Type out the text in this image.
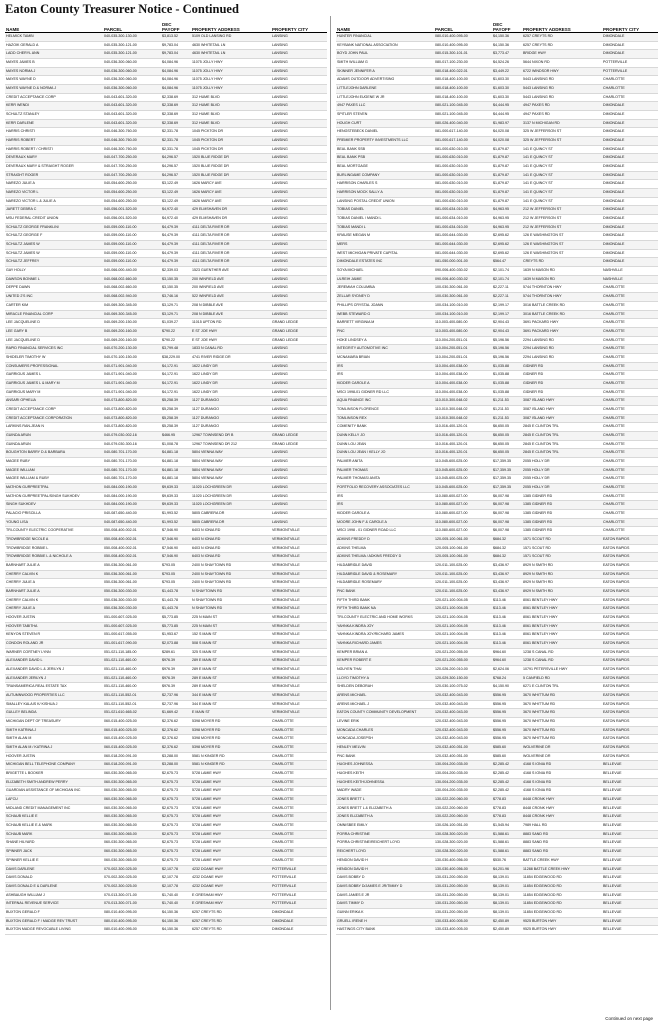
Eaton County Treasurer Notice - Continued
NAME	PARCEL	DEC PAYOFF	PROPERTY ADDRESS	PROPERTY CITY
HELMICK TAMBI	040-035-300-130-00	$3,813.52	5109 OLD LANSING RD	LANSING
HAZOIK GERALD A	040-035-300-121-00	$9,783.04	4630 WHITETAIL LN	LANSING
LADD CHERYL ANN	040-035-300-121-00	$9,783.04	4630 WHITETAIL LN	LANSING
MAYES JAMES B	040-036-300-060-00	$4,084.96	11075 JOLLY HWY	LANSING
MAYES NORMA J	040-036-300-060-00	$4,084.96	11075 JOLLY HWY	LANSING
MAYES WAYNE D	040-036-300-060-00	$4,084.96	11075 JOLLY HWY	LANSING
MAYES WAYNE D & NORMA J	040-036-300-060-00	$4,084.96	11075 JOLLY HWY	LANSING
CREDIT ACCEPTANCE CORP	040-043-601-320-00	$2,338.69	312 HUME BLVD	LANSING
KERR WENDI	040-043-601-320-00	$2,338.69	312 HUME BLVD	LANSING
SCHULTZ STANLEY	040-043-601-320-00	$2,338.69	312 HUME BLVD	LANSING
KERR DARLENE	040-043-601-320-00	$2,338.69	312 HUME BLVD	LANSING
HARRIS CHRISTI	040-046-300-760-00	$2,331.78	1045 PICKTON DR	LANSING
HARRIS ROBERT	040-046-300-760-00	$2,331.78	1045 PICKTON DR	LANSING
HARRIS ROBERT / CHRISTI	040-046-300-760-00	$2,331.78	1045 PICKTON DR	LANSING
DEVERAUX MARY	040-047-700-250-00	$4,296.57	1520 BLUE RIDGE DR	LANSING
DEVERAUX MARY & STRAIGHT ROGER	040-047-700-250-00	$4,296.57	1520 BLUE RIDGE DR	LANSING
STRAIGHT ROGER	040-047-700-250-00	$4,296.57	1520 BLUE RIDGE DR	LANSING
NAREZO JULIE A	040-054-600-250-00	$3,122.49	1626 MARCY AVE	LANSING
NAREZO VICTOR L	040-054-600-250-00	$3,122.49	1626 MARCY AVE	LANSING
NAREZO VICTOR L & JULIE A	040-054-600-250-00	$3,122.49	1626 MARCY AVE	LANSING
JARETT DEBRA C	040-056-001-520-00	$4,972.40	429 ELMSHAVEN DR	LANSING
MSU FEDERAL CREDIT UNION	040-056-001-520-00	$4,972.40	429 ELMSHAVEN DR	LANSING
SCHULTZ GEORGE FRANKLIN/	040-059-000-110-00	$4,479.39	4111 DELTA RIVER DR	LANSING
SCHULTZ GEORGE F	040-059-000-110-00	$4,479.39	4111 DELTA RIVER DR	LANSING
SCHULTZ JAMES W	040-059-000-110-00	$4,479.39	4111 DELTA RIVER DR	LANSING
SCHULTZ JAMES W	040-059-000-110-00	$4,479.39	4111 DELTA RIVER DR	LANSING
SCHULTZ JEFFREY	040-059-000-110-00	$4,479.39	4111 DELTA RIVER DR	LANSING
GAY HOLLY	040-066-000-440-00	$2,339.03	1523 GUENTHER AVE	LANSING
DAWSON BONNIE L	040-068-002-660-00	$3,150.35	200 WINFIELD AVE	LANSING
DEPPE DAWN	040-068-002-660-00	$3,150.35	200 WINFIELD AVE	LANSING
UNITED 2'S INC	040-068-002-940-00	$3,746.16	522 WINFIELD AVE	LANSING
CARTER KIM	040-069-300-345-00	$3,129.71	208 N DIBBLE AVE	LANSING
MIRACLE FINANCIAL CORP	040-069-300-345-00	$3,129.71	208 N DIBBLE AVE	LANSING
LEE JACQUELINE D	040-069-200-150-00	$1,039.27	11015 UPTON RD	GRAND LEDGE
LEE GARY B	040-069-200-160-00	$790.22	E ST JOE HWY	GRAND LEDGE
LEE JACQUELINE D	040-069-200-160-00	$790.22	E ST JOE HWY	GRAND LEDGE
RAPID FINANCIAL SERVICES INC	040-070-200-130-00	$3,799.48	1833 N CANAL RD	LANSING
SHIDELER TIMOTHY W	040-070-100-150-00	$38,229.00	4741 RIVER RIDGE DR	LANSING
CONSUMERS PROFESSIONAL	040-071-901-040-00	$4,172.91	1622 LINDY DR	LANSING
GARRIGUS JAMES L	040-071-901-040-00	$4,172.91	1622 LINDY DR	LANSING
GARRIGUS JAMES L & MARY M	040-071-901-040-00	$4,172.91	1622 LINDY DR	LANSING
GARRIGUS MARY M	040-071-901-040-00	$4,172.91	1622 LINDY DR	LANSING
ANSARI OPHELIA	040-073-800-820-00	$5,258.39	1127 DURANGO	LANSING
CREDIT ACCEPTANCE CORP	040-073-800-820-00	$5,258.39	1127 DURANGO	LANSING
CREDIT ACCEPTANCE CORPORATION	040-073-800-820-00	$5,258.39	1127 DURANGO	LANSING
LARKINS RAN-JEAN N	040-073-800-820-00	$5,258.39	1127 DURANGO	LANSING
GUINDA ARUN	040-079-030-002-16	$466.95	12967 TOWNSEND DR B	GRAND LEDGE
GUINDA ARUN	040-079-030-300-16	$1,008.78	12967 TOWNSEND DR 212	GRAND LEDGE
BOUGHTON BARRY D & BARBARA	040-080-701-170-00	$4,881.18	5804 VIENNA WAY	LANSING
MAGEE RUBY	040-080-701-170-00	$4,881.18	5804 VIENNA WAY	LANSING
MAGEE WILLIAM	040-080-701-170-00	$4,881.18	5804 VIENNA WAY	LANSING
MAGEE WILLIAM & RUBY	040-080-701-170-00	$4,881.18	5804 VIENNA WAY	LANSING
MATHON GURPREETPAL	040-084-000-190-00	$9,639.33	11020 LOCHGREEN DR	LANSING
MATHON GURPREETPAL/SINGH SUKHDEV	040-084-000-190-00	$9,639.33	11020 LOCHGREEN DR	LANSING
SINGH SUKHDEV	040-084-000-190-00	$9,639.33	11020 LOCHGREEN DR	LANSING
PALACIO PRISCILLA	040-087-650-440-00	$1,993.52	5805 CABRERA DR	LANSING
YOUNG LISA	040-087-650-440-00	$1,993.52	5805 CABRERA DR	LANSING
TRI-COUNTY ELECTRIC COOPERATIVE	050-008-400-002-01	$7,546.90	6403 N IONIA RD	VERMONTVILLE
TROWBRIDGE NICOLE A	050-008-400-002-01	$7,546.90	6403 N IONIA RD	VERMONTVILLE
TROWBRIDGE ROBBIE L	050-008-400-002-01	$7,546.90	6403 N IONIA RD	VERMONTVILLE
TROWBRIDGE ROBBIE L & NICHOLE A	050-008-400-002-01	$7,546.90	6403 N IONIA RD	VERMONTVILLE
BARNHART JULIE A	050-036-300-061-00	$793.05	2400 N SHAYTOWN RD	VERMONTVILLE
CHERRY CALVIN K	050-036-300-061-00	$793.05	2400 N SHAYTOWN RD	VERMONTVILLE
CHERRY JULIE A	050-036-300-061-00	$793.05	2400 N SHAYTOWN RD	VERMONTVILLE
BARNHART JULIE A	050-036-300-030-00	$1,443.78	N SHAYTOWN RD	VERMONTVILLE
CHERRY CALVIN K	050-036-300-030-00	$1,443.78	N SHAYTOWN RD	VERMONTVILLE
CHERRY JULIE A	050-036-300-030-00	$1,443.78	N SHAYTOWN RD	VERMONTVILLE
HOOVER JUSTIN	051-000-607-025-00	$5,773.85	225 N MAIN ST	VERMONTVILLE
HOOVER TABITHA	051-000-607-025-00	$5,773.85	225 N MAIN ST	VERMONTVILLE
KENYON STEVEN R	051-000-617-055-00	$1,953.67	152 S MAIN ST	VERMONTVILLE
CONDON ROLAND JR	051-001-617-090-00	$2,073.88	508 S MAIN ST	VERMONTVILLE
WARNER CORTNEY LYNN	051-021-110-185-00	$289.61	325 S MAIN ST	VERMONTVILLE
ALEXANDER DAVID L	051-021-110-460-00	$976.39	289 E MAIN ST	VERMONTVILLE
ALEXANDER DAVID L & JERILYN J	051-021-110-460-00	$976.39	289 E MAIN ST	VERMONTVILLE
ALEXANDER JERILYN J	051-021-110-460-00	$976.39	289 E MAIN ST	VERMONTVILLE
TRANSAMERICA REAL ESTATE TAX	051-021-110-460-00	$976.39	289 E MAIN ST	VERMONTVILLE
AUTUMNWOOD PROPERTIES LLC	051-021-110-552-01	$2,737.96	344 E MAIN ST	VERMONTVILLE
SMALLEY KALAIS K/ KISHUA J	051-021-110-552-01	$2,737.96	344 E MAIN ST	VERMONTVILLE
GULLEY BELINDA	051-021-610-665-02	$1,669.42	E MAIN ST	VERMONTVILLE
MICHIGAN DEPT OF TREASURY	060-015-400-025-00	$2,376.62	5398 MOYER RD	CHARLOTTE
SMITH KATRINA J	060-015-400-025-00	$2,376.62	5398 MOYER RD	CHARLOTTE
SMITH ALAN M	060-015-400-025-00	$2,376.62	5398 MOYER RD	CHARLOTTE
SMITH ALAN M / KATRINA J	060-015-400-025-00	$2,376.62	5398 MOYER RD	CHARLOTTE
HOOVER JUSTIN	060-018-200-091-00	$3,288.00	5581 N KINGER RD	CHARLOTTE
MICHIGAN BELL TELEPHONE COMPANY	060-018-200-091-00	$3,288.00	5581 N KINGER RD	CHARLOTTE
BRIGETTE L BOOKER	060-030-300-065-00	$2,675.73	5728 LAMIE HWY	CHARLOTTE
ELIZABETH SMITH ANDREW PERRY	060-030-300-065-00	$2,675.73	5728 LAMIE HWY	CHARLOTTE
GUARDIAN ASSISTANCE OF MICHIGAN INC	060-030-300-065-00	$2,675.73	5728 LAMIE HWY	CHARLOTTE
LAFCU	060-030-300-065-00	$2,675.73	5728 LAMIE HWY	CHARLOTTE
MIDLAND CREDIT MANAGEMENT INC	060-030-300-065-00	$2,675.73	5728 LAMIE HWY	CHARLOTTE
SCHAUB KELLIE E	060-030-300-065-00	$2,675.73	5728 LAMIE HWY	CHARLOTTE
SCHAUB KELLIE E & MARK	060-030-300-065-00	$2,675.73	5728 LAMIE HWY	CHARLOTTE
SCHAUB MARK	060-030-300-065-00	$2,675.73	5728 LAMIE HWY	CHARLOTTE
SHANE HILYARD	060-030-300-065-00	$2,675.73	5728 LAMIE HWY	CHARLOTTE
SPINNER JACK	060-030-300-065-00	$2,675.73	5728 LAMIE HWY	CHARLOTTE
SPINNER KELLIE E	060-030-300-065-00	$2,675.73	5728 LAMIE HWY	CHARLOTTE
DAVIS DARLENE	070-002-300-025-00	$2,107.78	4232 DOANE HWY	POTTERVILLE
DAVIS DONALD	070-002-300-025-00	$2,107.78	4232 DOANE HWY	POTTERVILLE
DAVIS DONALD E & DARLENE	070-002-300-025-00	$2,107.78	4232 DOANE HWY	POTTERVILLE
ASHBAUGH WILLIAM J	070-013-300-071-00	$1,740.40	E GRESHAM HWY	POTTERVILLE
INTERNAL REVENUE SERVICE	070-013-300-071-00	$1,740.40	E GRESHAM HWY	POTTERVILLE
BUXTON GERALD F	080-010-400-095-00	$4,150.36	6257 CREYTS RD	DIMONDALE
BUXTON GERALD F / MADGE REV TRUST	080-010-400-095-00	$4,150.36	6257 CREYTS RD	DIMONDALE
BUXTON MADGE REVOCABLE LIVING	080-010-400-095-00	$4,150.36	6257 CREYTS RD	DIMONDALE
NAME	PARCEL	DEC PAYOFF	PROPERTY ADDRESS	PROPERTY CITY
HUNTER FINANCIAL	080-010-400-095-00	$4,150.36	6257 CREYTS RD	DIMONDALE
KEYBANK NATIONAL ASSOCIATION	080-010-400-095-00	$4,150.36	6257 CREYTS RD	DIMONDALE
BOYD JOHN PAUL	080-015-300-101-01	$3,773.47	BRIDGE HWY	DIMONDALE
SMITH WILLIAM G	080-017-100-230-00	$4,524.26	5644 NIXON RD	POTTERVILLE
SKINNER JENNIFER A	080-018-400-022-01	$3,449.22	6722 WINDSOR HWY	POTTERVILLE
ADAMS OUTDOOR ADVERTISING	080-018-400-100-00	$1,603.30	5443 LANSING RD	CHARLOTTE
LITTLEJOHN DARLENE	080-018-400-100-00	$1,603.30	5443 LANSING RD	CHARLOTTE
LITTLEJOHN EUGENE W JR	080-018-400-100-00	$1,603.30	5443 LANSING RD	CHARLOTTE
4947 PAXES LLC	080-021-100-045-00	$4,444.95	4947 PAXES RD	DIMONDALE
SPITLER STEVEN	080-021-100-045-00	$4,444.95	4947 PAXES RD	DIMONDALE
HOUGH CURT	080-026-400-040-00	$1,983.97	3137 N MICHIGAN RD	DIMONDALE
HENGSTEBECK DANIEL	081-000-617-140-00	$4,020.08	325 W JEFFERSON ST	DIMONDALE
PREMIER PROPERTY INVESTMENTS LLC	081-000-617-140-00	$4,020.08	325 W JEFFERSON ST	DIMONDALE
BEAL BANK SSB	081-000-630-010-00	$1,879.87	141 E QUINCY ST	DIMONDALE
BEAL BANK PSB	081-000-630-010-00	$1,879.87	141 E QUINCY ST	DIMONDALE
BEAL MORTGAGE	081-000-630-010-00	$1,879.87	141 E QUINCY ST	DIMONDALE
BURLINGAME COMPANY	081-000-630-010-00	$1,879.87	141 E QUINCY ST	DIMONDALE
HARRISON CHARLES S	081-000-630-010-00	$1,879.87	141 E QUINCY ST	DIMONDALE
HARRISON MOCK SALLY A	081-000-630-010-00	$1,879.87	141 E QUINCY ST	DIMONDALE
LANSING POSTAL CREDIT UNION	081-000-630-010-00	$1,879.87	141 E QUINCY ST	DIMONDALE
TOBIAS DANIEL	081-000-634-010-00	$4,963.95	212 W JEFFERSON ST	DIMONDALE
TOBIAS DANIEL / MANDI L	081-000-634-010-00	$4,963.95	212 W JEFFERSON ST	DIMONDALE
TOBIAS MANDI L	081-000-634-010-00	$4,963.95	212 W JEFFERSON ST	DIMONDALE
KRAUSE MEGAN M	081-000-644-030-00	$2,695.62	126 E WASHINGTON ST	DIMONDALE
MERS	081-000-644-030-00	$2,695.62	126 E WASHINGTON ST	DIMONDALE
WEST MICHIGAN PRIVATE CAPITAL	081-000-644-030-00	$2,695.62	126 E WASHINGTON ST	DIMONDALE
DIMONDALE ESTATES INC	081-050-000-001-00	$564.47	CREYTS RD	DIMONDALE
SOYA MICHAEL	090-006-400-030-02	$2,101.74	1639 N MASON RD	NASHVILLE
ULREIH JAMIE	090-006-400-030-02	$2,101.74	1639 N MASON RD	NASHVILLE
JEREMIAH COLUMBIA	100-030-300-061-00	$2,227.11	5744 THORNTON HWY	CHARLOTTE
ZELLAR SYDNEY D	100-030-300-061-00	$2,227.11	5744 THORNTON HWY	CHARLOTTE
PHILLIPS CRYSTAL JOANN	100-034-100-010-00	$2,199.17	3016 BATTLE CREEK RD	CHARLOTTE
WEBB STEWARD G	100-034-100-010-00	$2,199.17	3016 BATTLE CREEK RD	CHARLOTTE
BARRETT VIRGINIA M	110-003-400-080-00	$2,904.43	3691 PACKARD HWY	CHARLOTTE
PNC	110-003-400-080-00	$2,904.43	3691 PACKARD HWY	CHARLOTTE
HOKE LINDSEY A	110-004-200-051-01	$5,196.56	2294 LANSING RD	CHARLOTTE
INTEGRITY AUTOMOTIVE INC	110-004-200-051-01	$5,196.56	2294 LANSING RD	CHARLOTTE
MCNAMARA BRIAN	110-004-200-051-01	$5,196.56	2294 LANSING RD	CHARLOTTE
IRS	110-004-400-038-00	$1,035.88	GIDNER RD	CHARLOTTE
IRS	110-004-400-038-00	$1,035.88	GIDNER RD	CHARLOTTE
KIDDER CAROLE A	110-004-400-038-00	$1,035.88	GIDNER RD	CHARLOTTE
MSCI 1998-01 GIDNER RD LLC	110-004-400-038-00	$1,035.88	GIDNER RD	CHARLOTTE
AQUA FINANCE INC	110-010-300-048-02	$1,211.53	3087 ISLAND HWY	CHARLOTTE
TOMLINSON FLORENCE	110-010-300-048-02	$1,211.53	3087 ISLAND HWY	CHARLOTTE
TOMLINSON REX	110-010-300-048-02	$1,211.53	3087 ISLAND HWY	CHARLOTTE
COMENITY BANK	110-016-400-120-01	$6,650.05	2845 E CLINTON TRL	CHARLOTTE
DUNN KELLY JO	110-016-400-120-01	$6,650.05	2845 E CLINTON TRL	CHARLOTTE
DUNN LOU JEAN	110-016-400-120-01	$6,650.05	2845 E CLINTON TRL	CHARLOTTE
DUNN LOU JEAN / KELLY JO	110-016-400-120-01	$6,650.05	2845 E CLINTON TRL	CHARLOTTE
PALMER ANITA	110-045-600-025-00	$17,359.35	2055 HOLLY DR	CHARLOTTE
PALMER THOMAS	110-045-600-025-00	$17,359.35	2055 HOLLY DR	CHARLOTTE
PALMER THOMAS/ ANITA	110-045-600-025-00	$17,359.35	2055 HOLLY DR	CHARLOTTE
PORTFOLIO RECOVERY ASSOCIATES LLC	110-045-600-025-00	$17,359.35	2055 HOLLY DR	CHARLOTTE
IRS	110-080-600-027-00	$6,007.98	1385 GIDNER RD	CHARLOTTE
IRS	110-080-600-027-00	$6,007.98	1385 GIDNER RD	CHARLOTTE
KIDDER CAROLE A	110-080-600-027-00	$6,007.98	1385 GIDNER RD	CHARLOTTE
MOORE JOHN F & CAROLE A	110-080-600-027-00	$6,007.98	1385 GIDNER RD	CHARLOTTE
MSCI 1998 - 01 GIDNER ROAD LLC	110-080-600-027-00	$6,007.98	1385 GIDNER RD	CHARLOTTE
ADKINS FREDDY D	120-005-100-061-00	$684.32	1571 SCOUT RD	EATON RAPIDS
ADKINS THELMA	120-005-100-061-00	$684.32	1571 SCOUT RD	EATON RAPIDS
ADKINS THELMA / ADKINS FREDDY D	120-005-100-061-00	$684.32	1571 SCOUT RD	EATON RAPIDS
HILDABRIDLE DAVID	120-011-100-025-00	$3,436.97	8929 N SMITH RD	EATON RAPIDS
HILDABRIDLE DAVID & ROSEMARY	120-011-100-025-00	$3,436.97	8929 N SMITH RD	EATON RAPIDS
HILDABRIDLE ROSEMARY	120-011-100-025-00	$3,436.97	8929 N SMITH RD	EATON RAPIDS
PNC BANK	120-011-100-025-00	$3,436.97	8929 N SMITH RD	EATON RAPIDS
FIFTH THIRD BANK	120-021-100-004-05	$113.46	8061 BENTLEY HWY	EATON RAPIDS
FIFTH THIRD BANK NA	120-021-100-004-05	$113.46	8061 BENTLEY HWY	EATON RAPIDS
TRI-COUNTY ELECTRIC AND HOME WORKS	120-021-100-004-05	$113.46	8061 BENTLEY HWY	EATON RAPIDS
YAHNKA KINDRA JOY	120-021-100-004-05	$113.46	8061 BENTLEY HWY	EATON RAPIDS
YAHNKA KINDRA JOY/RICHARD JAMES	120-021-100-004-05	$113.46	8061 BENTLEY HWY	EATON RAPIDS
YAHNKA RICHARD JAMES	120-021-100-004-05	$113.46	8061 BENTLEY HWY	EATON RAPIDS
KEMPER BRIAN A	120-021-200-055-00	$964.60	1238 S CANAL RD	EATON RAPIDS
KEMPER ROBERT E	120-021-200-055-00	$964.60	1238 S CANAL RD	EATON RAPIDS
NGUYEN THAI	120-026-200-010-00	$2,624.06	10791 PETERSVILLE HWY	EATON RAPIDS
LLOYD TIMOTHY A	120-029-300-150-00	$768.24	5 CANFIELD RD	EATON RAPIDS
SHELDEN DEBORAH	120-030-100-075-02	$4,150.90	6271 E CLINTON TRL	EATON RAPIDS
ARENS MICHAEL	120-032-400-043-00	$556.95	3670 WHITTUM RD	EATON RAPIDS
ARENS MICHAEL J	120-032-400-043-00	$556.95	3670 WHITTUM RD	EATON RAPIDS
EATON COUNTY COMMUNITY DEVELOPMENT	120-032-400-043-00	$556.95	3670 WHITTUM RD	EATON RAPIDS
LEVINE ERIK	120-032-400-043-00	$556.95	3670 WHITTUM RD	EATON RAPIDS
MONCADA CHARLES	120-032-400-043-00	$556.95	3670 WHITTUM RD	EATON RAPIDS
MONCADA JOSEPSH	120-032-400-043-00	$556.95	3670 WHITTUM RD	EATON RAPIDS
HENLEY MELVIN	120-032-400-051-00	$585.60	WOLVERINE DR	EATON RAPIDS
PNC BANK	120-032-400-051-00	$585.60	WOLVERINE DR	EATON RAPIDS
HUGHES JOHNESSA	130-004-200-035-00	$2,285.42	4168 S IONIA RD	BELLEVUE
HUGHES KEITH	130-004-200-035-00	$2,285.42	4168 S IONIA RD	BELLEVUE
HUGHES KEITH/JOHNESSA	130-004-200-035-00	$2,285.42	4168 S IONIA RD	BELLEVUE
MADRY WADE	130-004-200-035-00	$2,285.42	4168 S IONIA RD	BELLEVUE
JONES BRETT L	130-022-200-060-00	$778.83	8448 CRONK HWY	BELLEVUE
JONES BRETT L & ELIZABETH A	130-022-200-060-00	$778.83	8448 CRONK HWY	BELLEVUE
JONES ELIZABETH A	130-022-200-060-00	$778.83	8448 CRONK HWY	BELLEVUE
OMNISBEE EMILY	130-026-100-051-00	$1,545.94	7989 HALL RD	BELLEVUE
PORRA CHRISTINE	130-028-300-020-00	$1,588.61	8883 SAND RD	BELLEVUE
PORRA CHRISTINE/REICHERT LOYD	130-028-300-020-00	$1,588.61	8883 SAND RD	BELLEVUE
REICHERT LOYD	130-028-300-020-00	$1,588.61	8883 SAND RD	BELLEVUE
HENDON DAVID H	130-030-400-056-00	$530.76	BATTLE CREEK HWY	BELLEVUE
HENDON DAVID H	130-030-400-056-00	$4,201.96	11288 BATTLE CREEK HWY	BELLEVUE
DAVIS BOBBY D	130-031-200-050-00	$8,139.01	11854 EDGEWOOD RD	BELLEVUE
DAVIS BOBBY D/JAMES E JR/TIMMY D	130-031-200-050-00	$8,139.01	11854 EDGEWOOD RD	BELLEVUE
DAVIS JAMES E JR	130-031-200-050-00	$8,139.01	11854 EDGEWOOD RD	BELLEVUE
DAVIS TIMMY D	130-031-200-050-00	$8,139.01	11854 EDGEWOOD RD	BELLEVUE
GUINN ERIKA K	130-031-200-050-00	$8,139.01	11854 EDGEWOOD RD	BELLEVUE
GRUELL IRENE H	130-033-400-005-00	$2,450.89	9525 BURTON HWY	BELLEVUE
HASTINGS CITY BANK	130-033-400-005-00	$2,450.89	9525 BURTON HWY	BELLEVUE
Continued on next page
